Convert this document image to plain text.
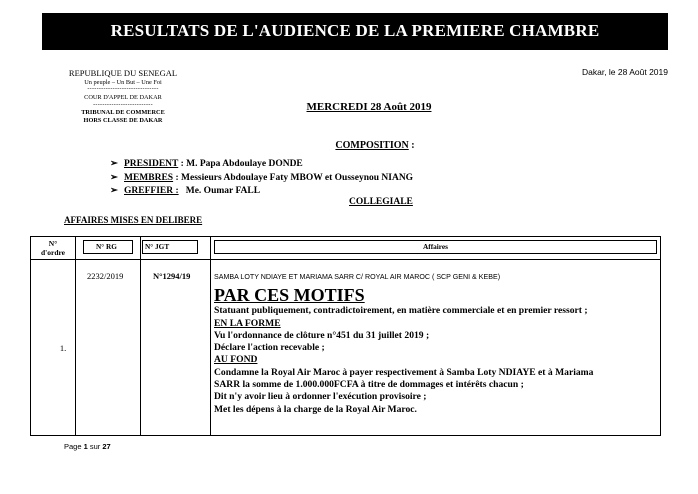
RESULTATS DE L'AUDIENCE DE LA PREMIERE CHAMBRE
REPUBLIQUE DU SENEGAL
Un peuple – Un But – Une Foi
-------------------------------
COUR D'APPEL DE DAKAR
--------------------------
TRIBUNAL DE COMMERCE
HORS CLASSE DE DAKAR
Dakar, le 28 Août 2019
MERCREDI 28 Août 2019
COMPOSITION :
➢ PRESIDENT : M. Papa Abdoulaye DONDE
➢ MEMBRES : Messieurs Abdoulaye Faty MBOW et Ousseynou NIANG
➢ GREFFIER :   Me. Oumar FALL
COLLEGIALE
AFFAIRES MISES EN DELIBERE
N°
d'ordre
N° RG	N° JGT	Affaires
1.
2232/2019	N°1294/19	SAMBA LOTY NDIAYE ET MARIAMA SARR C/ ROYAL AIR MAROC ( SCP GENI & KEBE)
PAR CES MOTIFS
Statuant publiquement, contradictoirement, en matière commerciale et en premier ressort ;
EN LA FORME
Vu l'ordonnance de clôture n°451 du 31 juillet 2019 ;
Déclare l'action recevable ;
AU FOND
Condamne la Royal Air Maroc à payer respectivement à Samba Loty NDIAYE et à Mariama
SARR la somme de 1.000.000FCFA à titre de dommages et intérêts chacun ;
Dit n'y avoir lieu à ordonner l'exécution provisoire ;
Met les dépens à la charge de la Royal Air Maroc.
Page 1 sur 27
